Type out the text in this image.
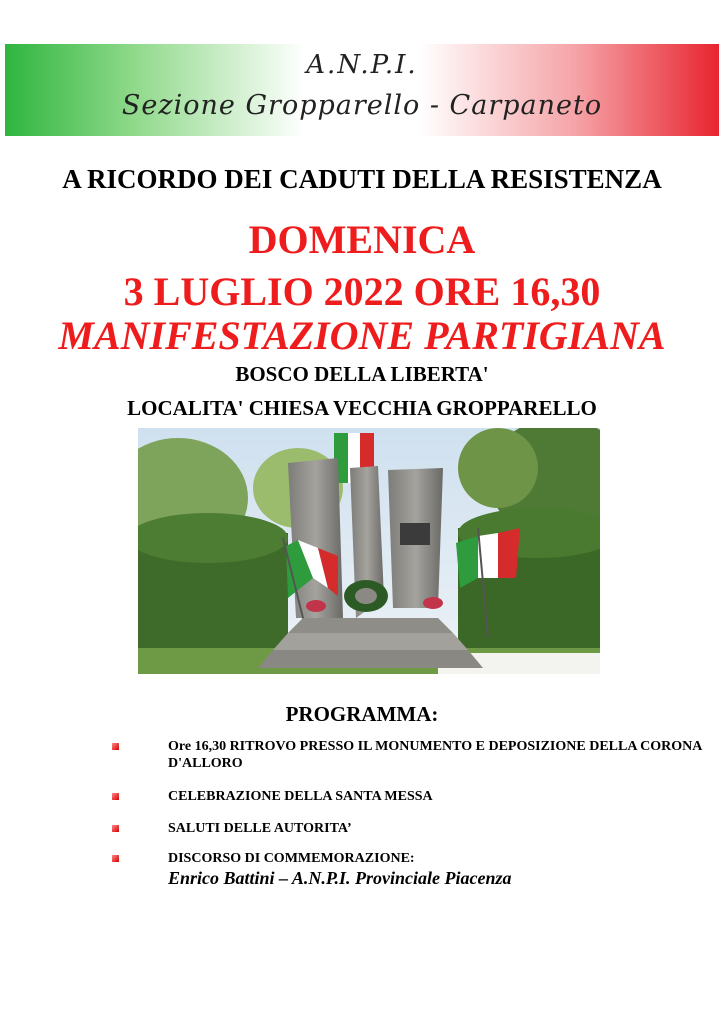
A.N.P.I.
Sezione Gropparello - Carpaneto
A RICORDO DEI CADUTI DELLA RESISTENZA
DOMENICA
3 LUGLIO 2022 ORE 16,30
MANIFESTAZIONE PARTIGIANA
BOSCO DELLA LIBERTA'
LOCALITA' CHIESA VECCHIA GROPPARELLO
PROGRAMMA:
Ore 16,30 RITROVO PRESSO IL MONUMENTO E DEPOSIZIONE DELLA CORONA D'ALLORO
CELEBRAZIONE DELLA SANTA MESSA
SALUTI DELLE AUTORITA’
DISCORSO DI COMMEMORAZIONE:
Enrico Battini – A.N.P.I. Provinciale Piacenza
